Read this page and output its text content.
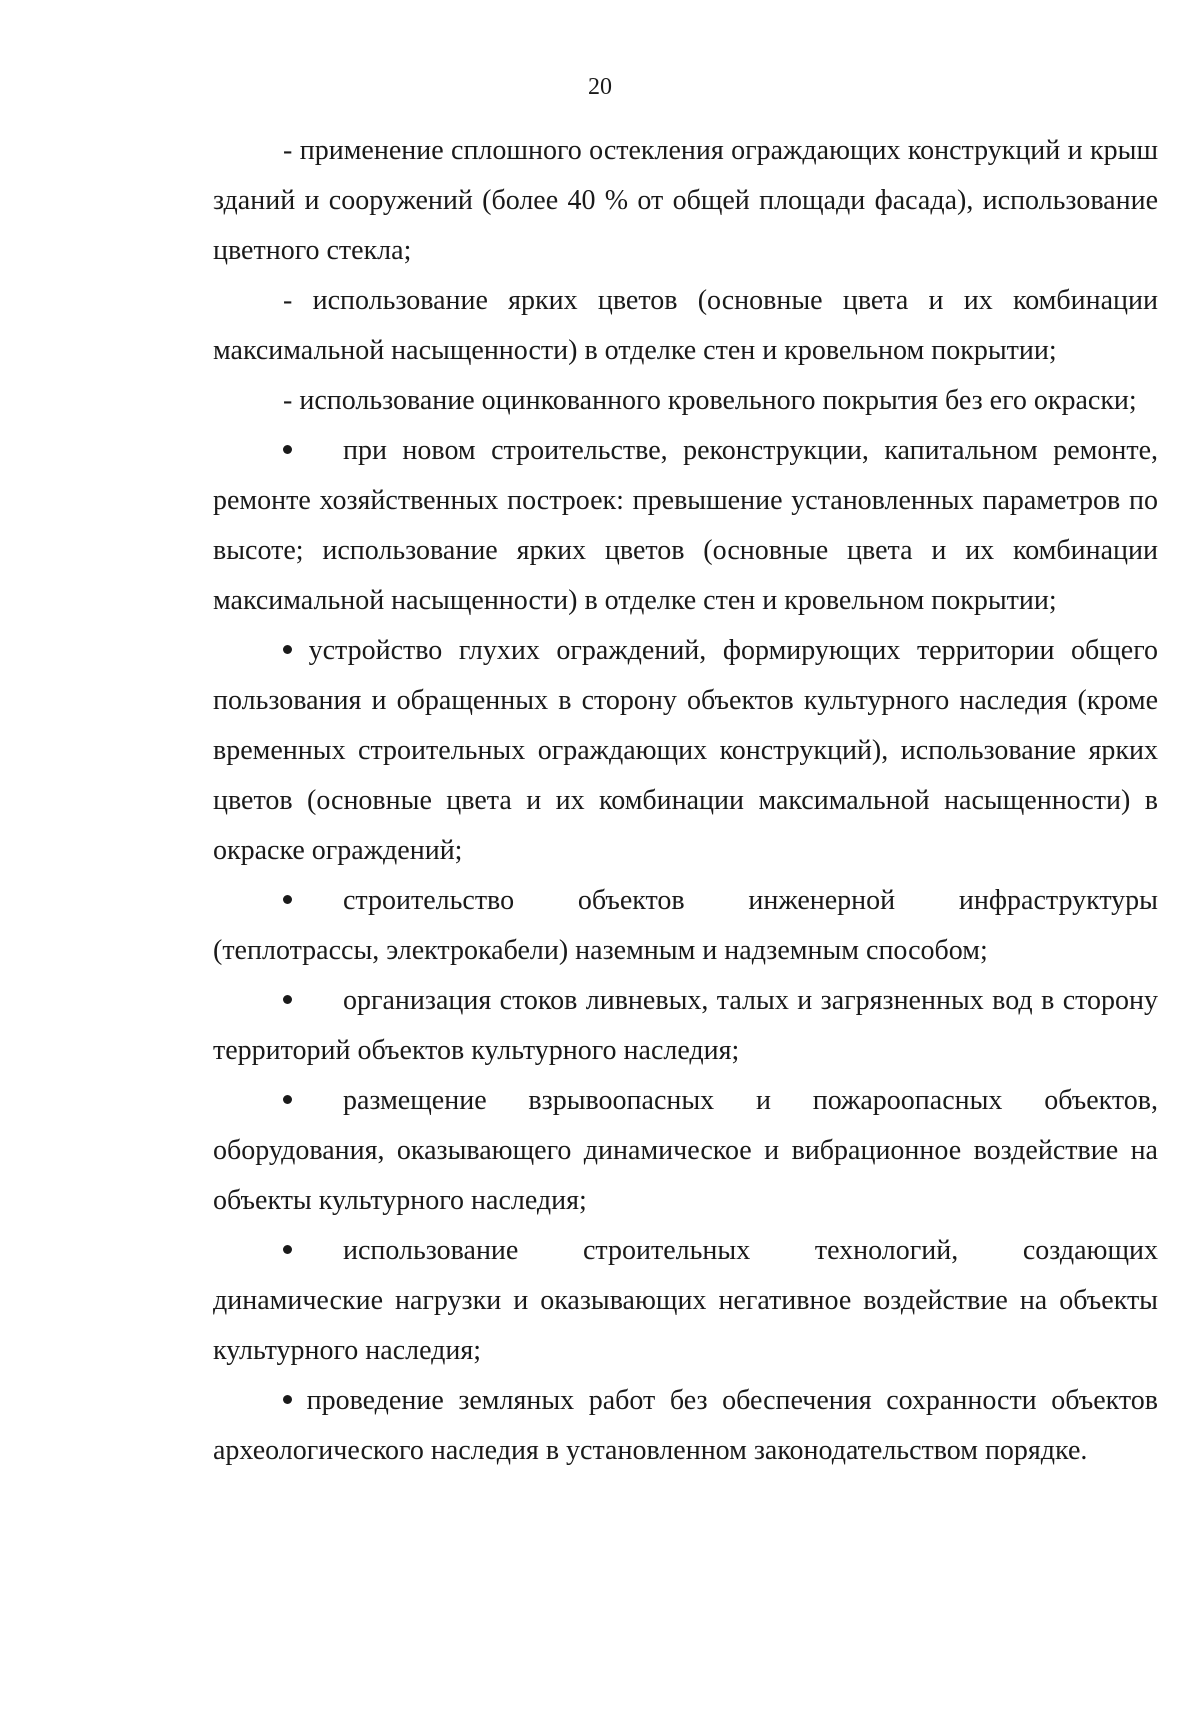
20

- применение сплошного остекления ограждающих конструкций и крыш зданий и сооружений (более 40 % от общей площади фасада), использование цветного стекла;

- использование ярких цветов (основные цвета и их комбинации максимальной насыщенности) в отделке стен и кровельном покрытии;

- использование оцинкованного кровельного покрытия без его окраски;

при новом строительстве, реконструкции, капитальном ремонте, ремонте хозяйственных построек: превышение установленных параметров по высоте; использование ярких цветов (основные цвета и их комбинации максимальной насыщенности) в отделке стен и кровельном покрытии;

устройство глухих ограждений, формирующих территории общего пользования и обращенных в сторону объектов культурного наследия (кроме временных строительных ограждающих конструкций), использование ярких цветов (основные цвета и их комбинации максимальной насыщенности) в окраске ограждений;

строительство объектов инженерной инфраструктуры (теплотрассы, электрокабели) наземным и надземным способом;

организация стоков ливневых, талых и загрязненных вод в сторону территорий объектов культурного наследия;

размещение взрывоопасных и пожароопасных объектов, оборудования, оказывающего динамическое и вибрационное воздействие на объекты культурного наследия;

использование строительных технологий, создающих динамические нагрузки и оказывающих негативное воздействие на объекты культурного наследия;

проведение земляных работ без обеспечения сохранности объектов археологического наследия в установленном законодательством порядке.
